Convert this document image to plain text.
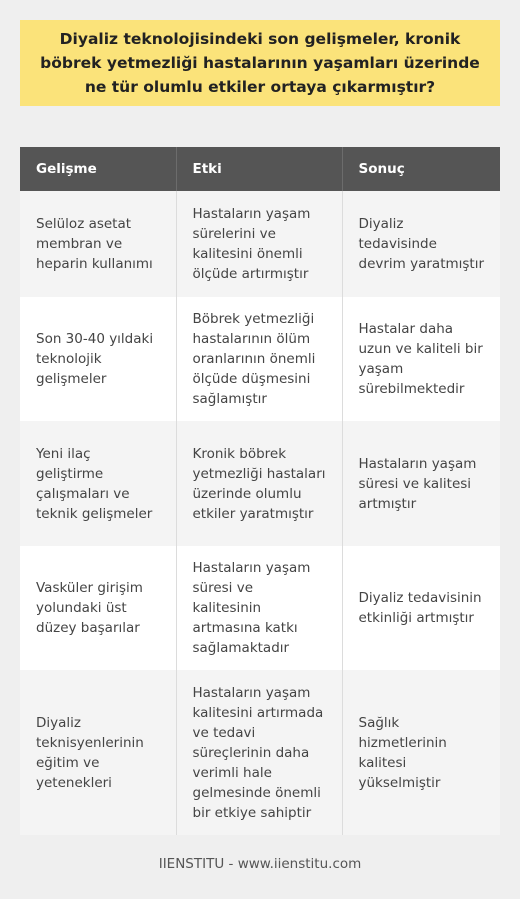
Diyaliz teknolojisindeki son gelişmeler, kronik böbrek yetmezliği hastalarının yaşamları üzerinde ne tür olumlu etkiler ortaya çıkarmıştır?
Gelişme	Etki	Sonuç
Selüloz asetat membran ve heparin kullanımı	Hastaların yaşam sürelerini ve kalitesini önemli ölçüde artırmıştır	Diyaliz tedavisinde devrim yaratmıştır
Son 30-40 yıldaki teknolojik gelişmeler	Böbrek yetmezliği hastalarının ölüm oranlarının önemli ölçüde düşmesini sağlamıştır	Hastalar daha uzun ve kaliteli bir yaşam sürebilmektedir
Yeni ilaç geliştirme çalışmaları ve teknik gelişmeler	Kronik böbrek yetmezliği hastaları üzerinde olumlu etkiler yaratmıştır	Hastaların yaşam süresi ve kalitesi artmıştır
Vasküler girişim yolundaki üst düzey başarılar	Hastaların yaşam süresi ve kalitesinin artmasına katkı sağlamaktadır	Diyaliz tedavisinin etkinliği artmıştır
Diyaliz teknisyenlerinin eğitim ve yetenekleri	Hastaların yaşam kalitesini artırmada ve tedavi süreçlerinin daha verimli hale gelmesinde önemli bir etkiye sahiptir	Sağlık hizmetlerinin kalitesi yükselmiştir
IIENSTITU - www.iienstitu.com
